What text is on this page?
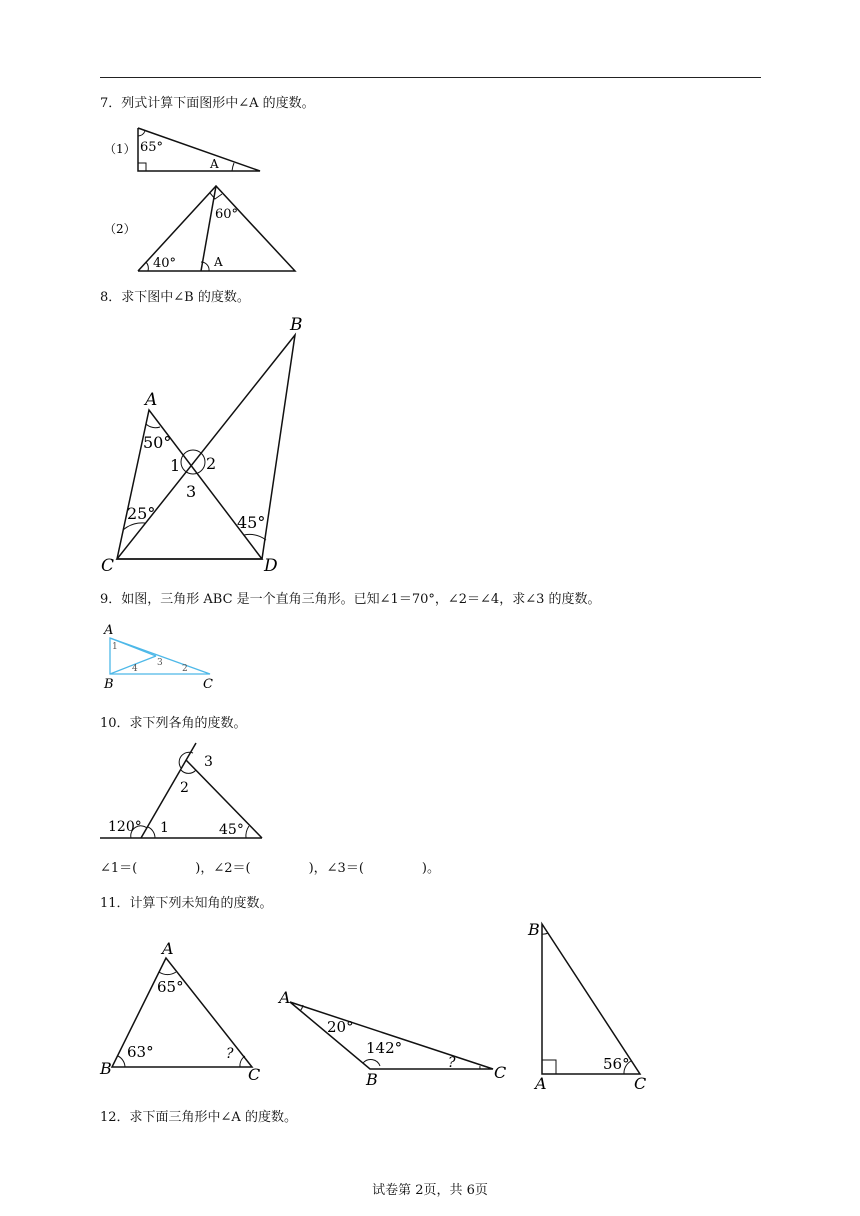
7．列式计算下面图形中∠A 的度数。
（1） 65°
A
（2）
60°
40°	A
8．求下图中∠B 的度数。
A
B
C	D
50°
25°	45°
1 2
3
9．如图，三角形 ABC 是一个直角三角形。已知∠1＝70°，∠2＝∠4，求∠3 的度数。
A
B	C
1
2
3
4
10．求下列各角的度数。
120° 1
2
3
45°
∠1＝(	)，∠2＝(	)，∠3＝(	)。
11．计算下列未知角的度数。
A
B	C
65°
63°	?
A
B	C
20°
142°
?
B
A	C
56°
12．求下面三角形中∠A 的度数。
试卷第 2页，共 6页
